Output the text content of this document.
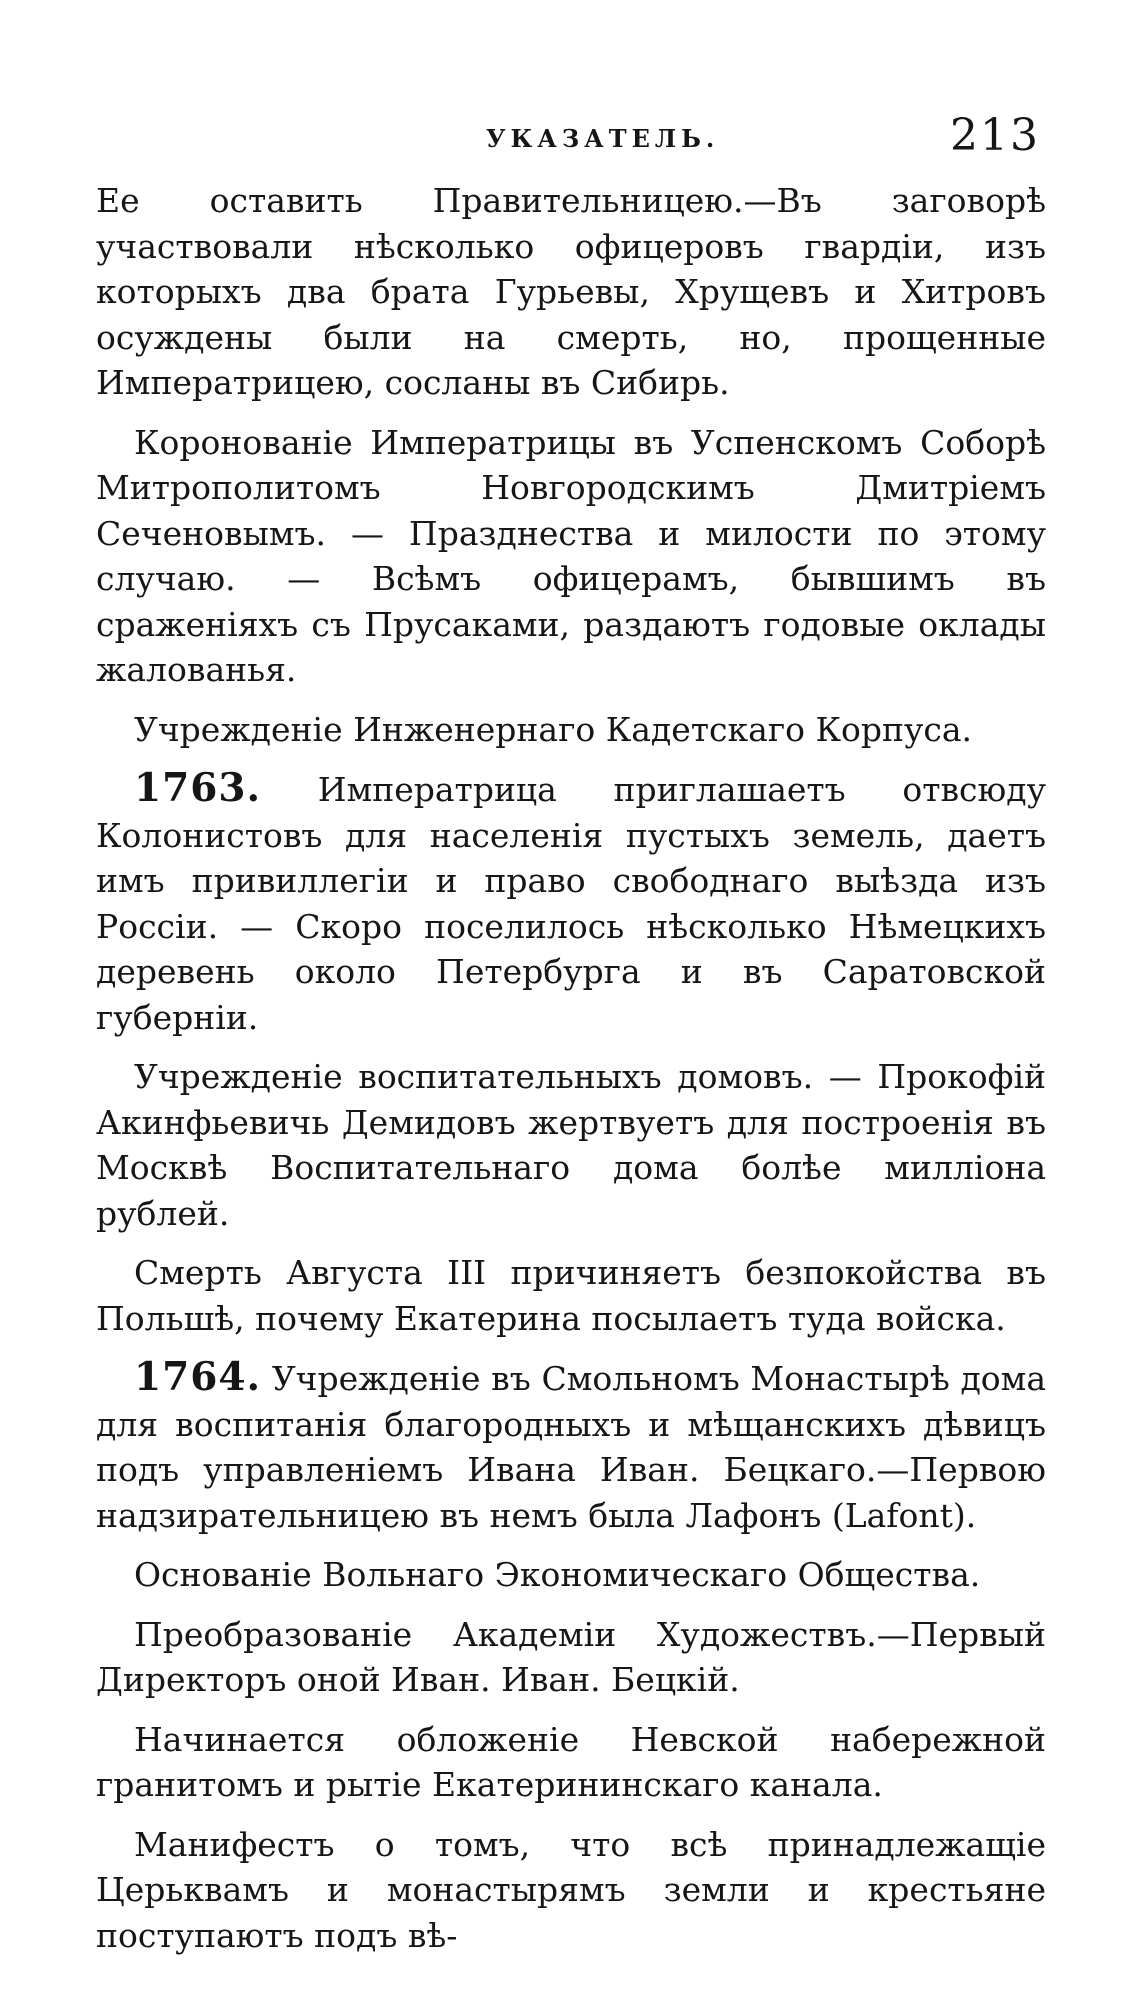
УКАЗАТЕЛЬ.	213

Ее оставить Правительницею.—Въ заговорѣ участвовали нѣсколько офицеровъ гвардіи, изъ которыхъ два брата Гурьевы, Хрущевъ и Хитровъ осуждены были на смерть, но, прощенные Императрицею, сосланы въ Сибирь.

Коронованіе Императрицы въ Успенскомъ Соборѣ Митрополитомъ Новгородскимъ Дмитріемъ Сеченовымъ. — Празднества и милости по этому случаю. — Всѣмъ офицерамъ, бывшимъ въ сраженіяхъ съ Прусаками, раздаютъ годовые оклады жалованья.

Учрежденіе Инженернаго Кадетскаго Корпуса.

1763. Императрица приглашаетъ отвсюду Колонистовъ для населенія пустыхъ земель, даетъ имъ привиллегіи и право свободнаго выѣзда изъ Россіи. — Скоро поселилось нѣсколько Нѣмецкихъ деревень около Петербурга и въ Саратовской губерніи.

Учрежденіе воспитательныхъ домовъ. — Прокофій Акинфьевичь Демидовъ жертвуетъ для построенія въ Москвѣ Воспитательнаго дома болѣе милліона рублей.

Смерть Августа III причиняетъ безпокойства въ Польшѣ, почему Екатерина посылаетъ туда войска.

1764. Учрежденіе въ Смольномъ Монастырѣ дома для воспитанія благородныхъ и мѣщанскихъ дѣвицъ подъ управленіемъ Ивана Иван. Бецкаго.—Первою надзирательницею въ немъ была Лафонъ (Lafont).

Основаніе Вольнаго Экономическаго Общества.

Преобразованіе Академіи Художествъ.—Первый Директоръ оной Иван. Иван. Бецкій.

Начинается обложеніе Невской набережной гранитомъ и рытіе Екатерининскаго канала.

Манифестъ о томъ, что всѣ принадлежащіе Церьквамъ и монастырямъ земли и крестьяне поступаютъ подъ вѣ-
